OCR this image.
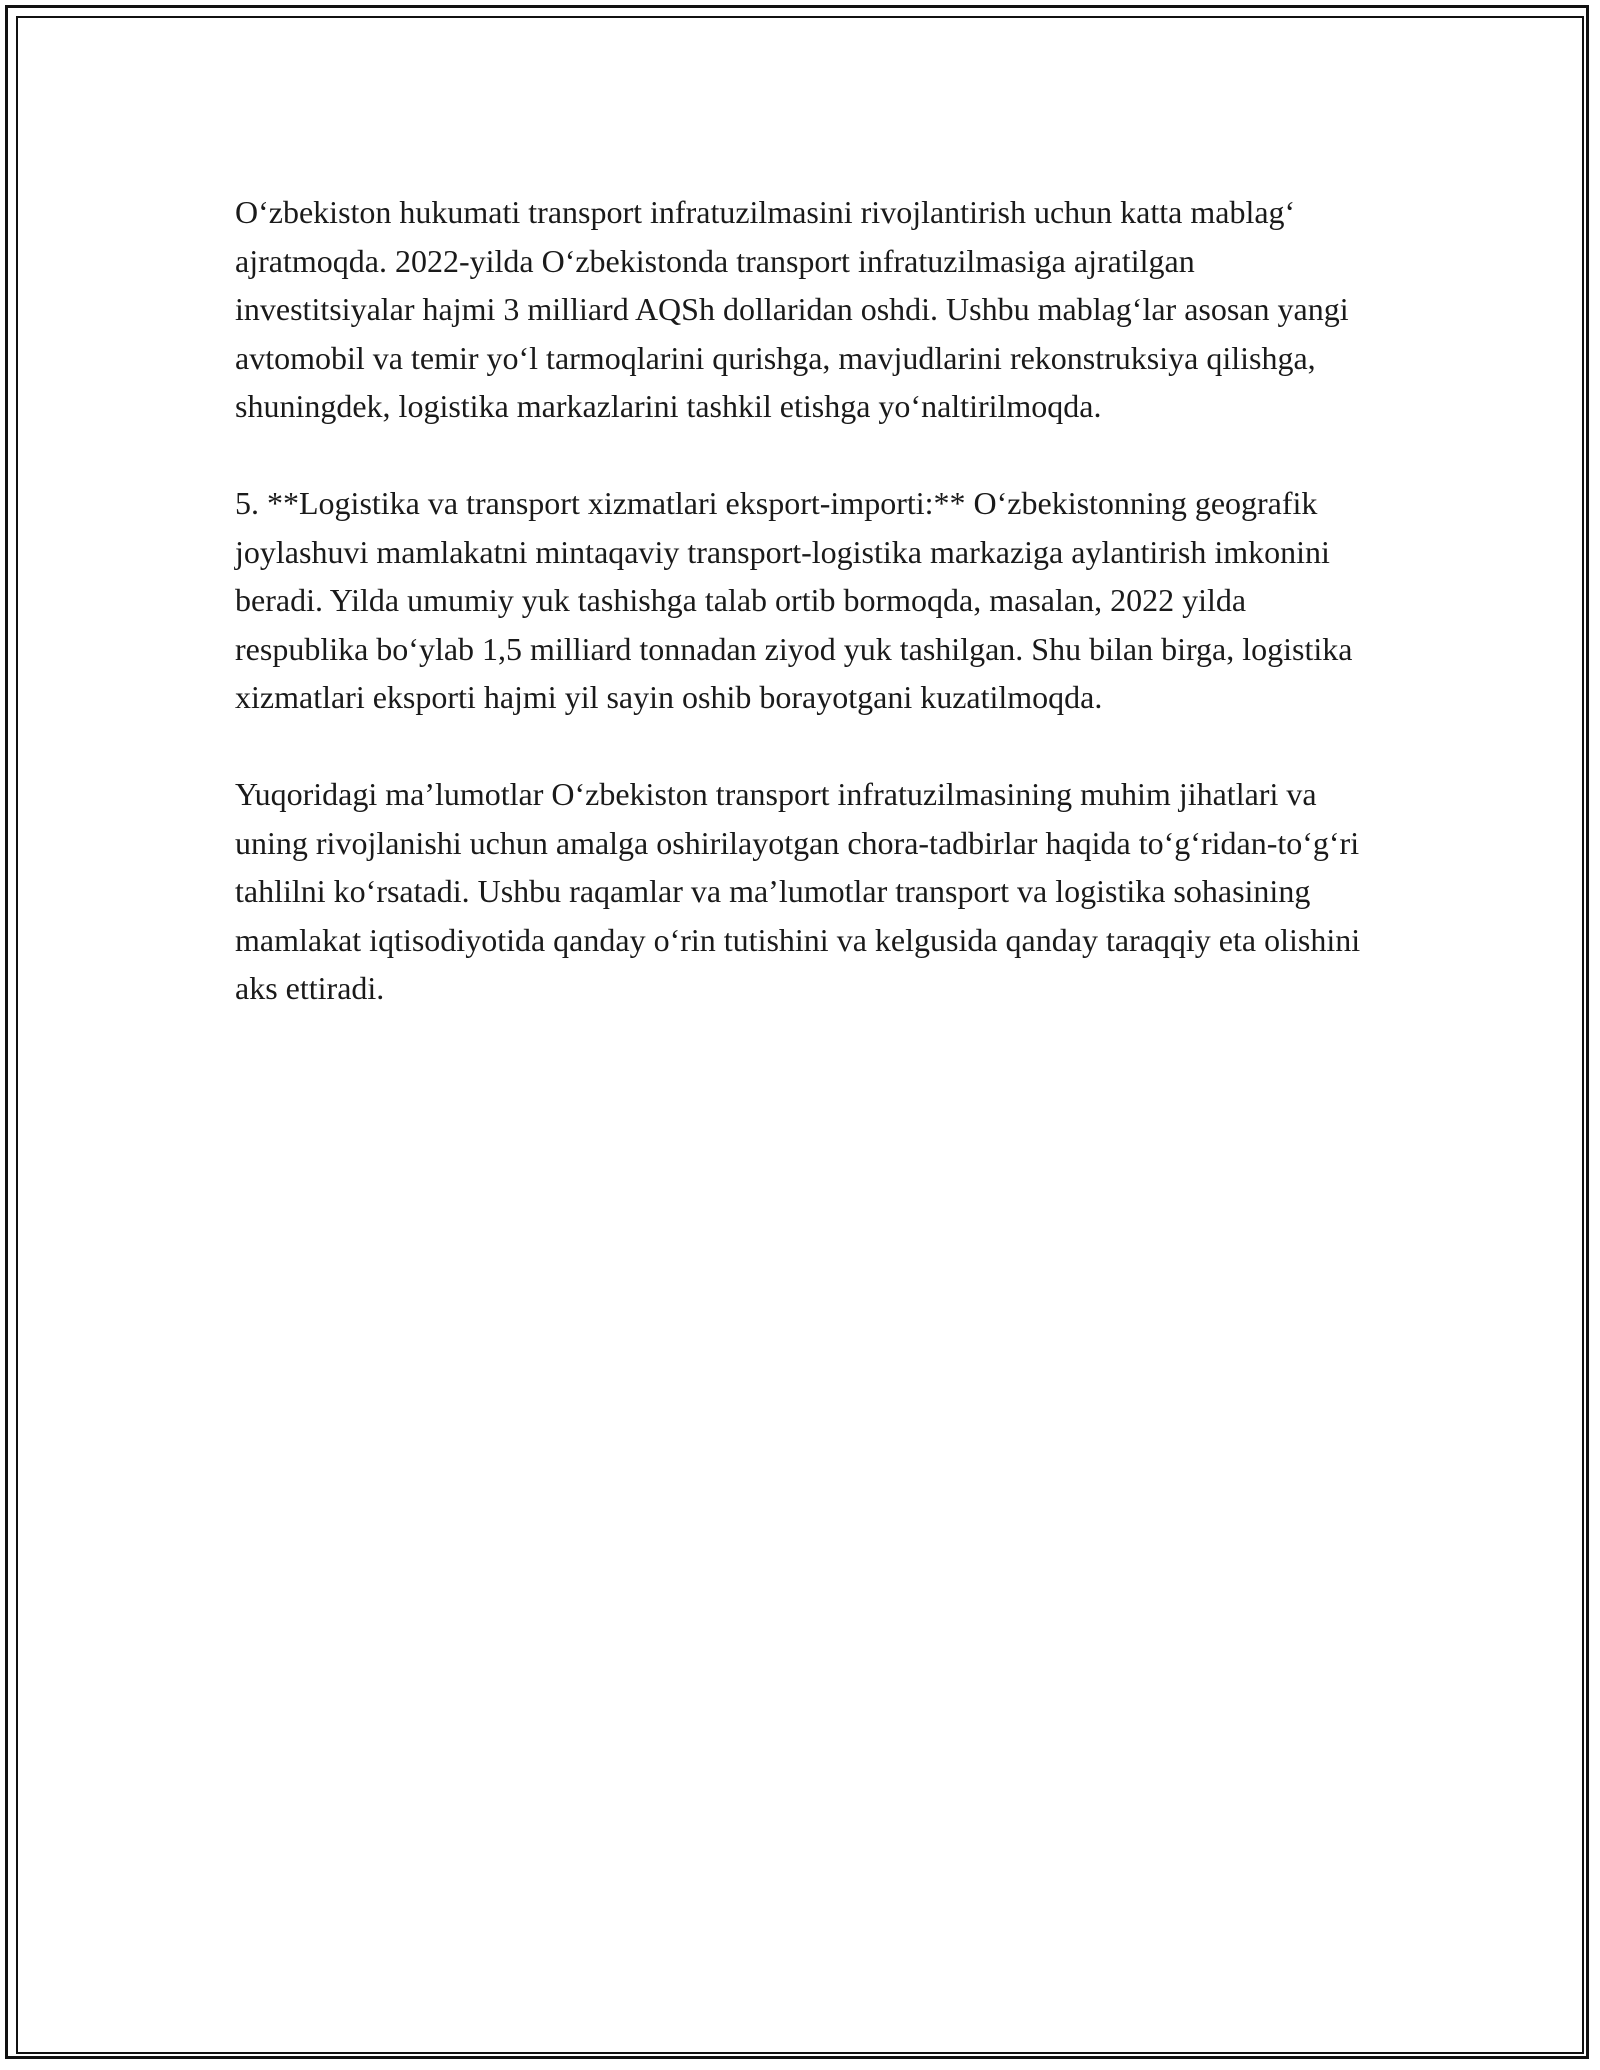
O‘zbekiston hukumati transport infratuzilmasini rivojlantirish uchun katta mablag‘ ajratmoqda. 2022-yilda O‘zbekistonda transport infratuzilmasiga ajratilgan investitsiyalar hajmi 3 milliard AQSh dollaridan oshdi. Ushbu mablag‘lar asosan yangi avtomobil va temir yo‘l tarmoqlarini qurishga, mavjudlarini rekonstruksiya qilishga, shuningdek, logistika markazlarini tashkil etishga yo‘naltirilmoqda.

5. **Logistika va transport xizmatlari eksport-importi:** O‘zbekistonning geografik joylashuvi mamlakatni mintaqaviy transport-logistika markaziga aylantirish imkonini beradi. Yilda umumiy yuk tashishga talab ortib bormoqda, masalan, 2022 yilda respublika bo‘ylab 1,5 milliard tonnadan ziyod yuk tashilgan. Shu bilan birga, logistika xizmatlari eksporti hajmi yil sayin oshib borayotgani kuzatilmoqda.

Yuqoridagi ma’lumotlar O‘zbekiston transport infratuzilmasining muhim jihatlari va uning rivojlanishi uchun amalga oshirilayotgan chora-tadbirlar haqida to‘g‘ridan-to‘g‘ri tahlilni ko‘rsatadi. Ushbu raqamlar va ma’lumotlar transport va logistika sohasining mamlakat iqtisodiyotida qanday o‘rin tutishini va kelgusida qanday taraqqiy eta olishini aks ettiradi.
